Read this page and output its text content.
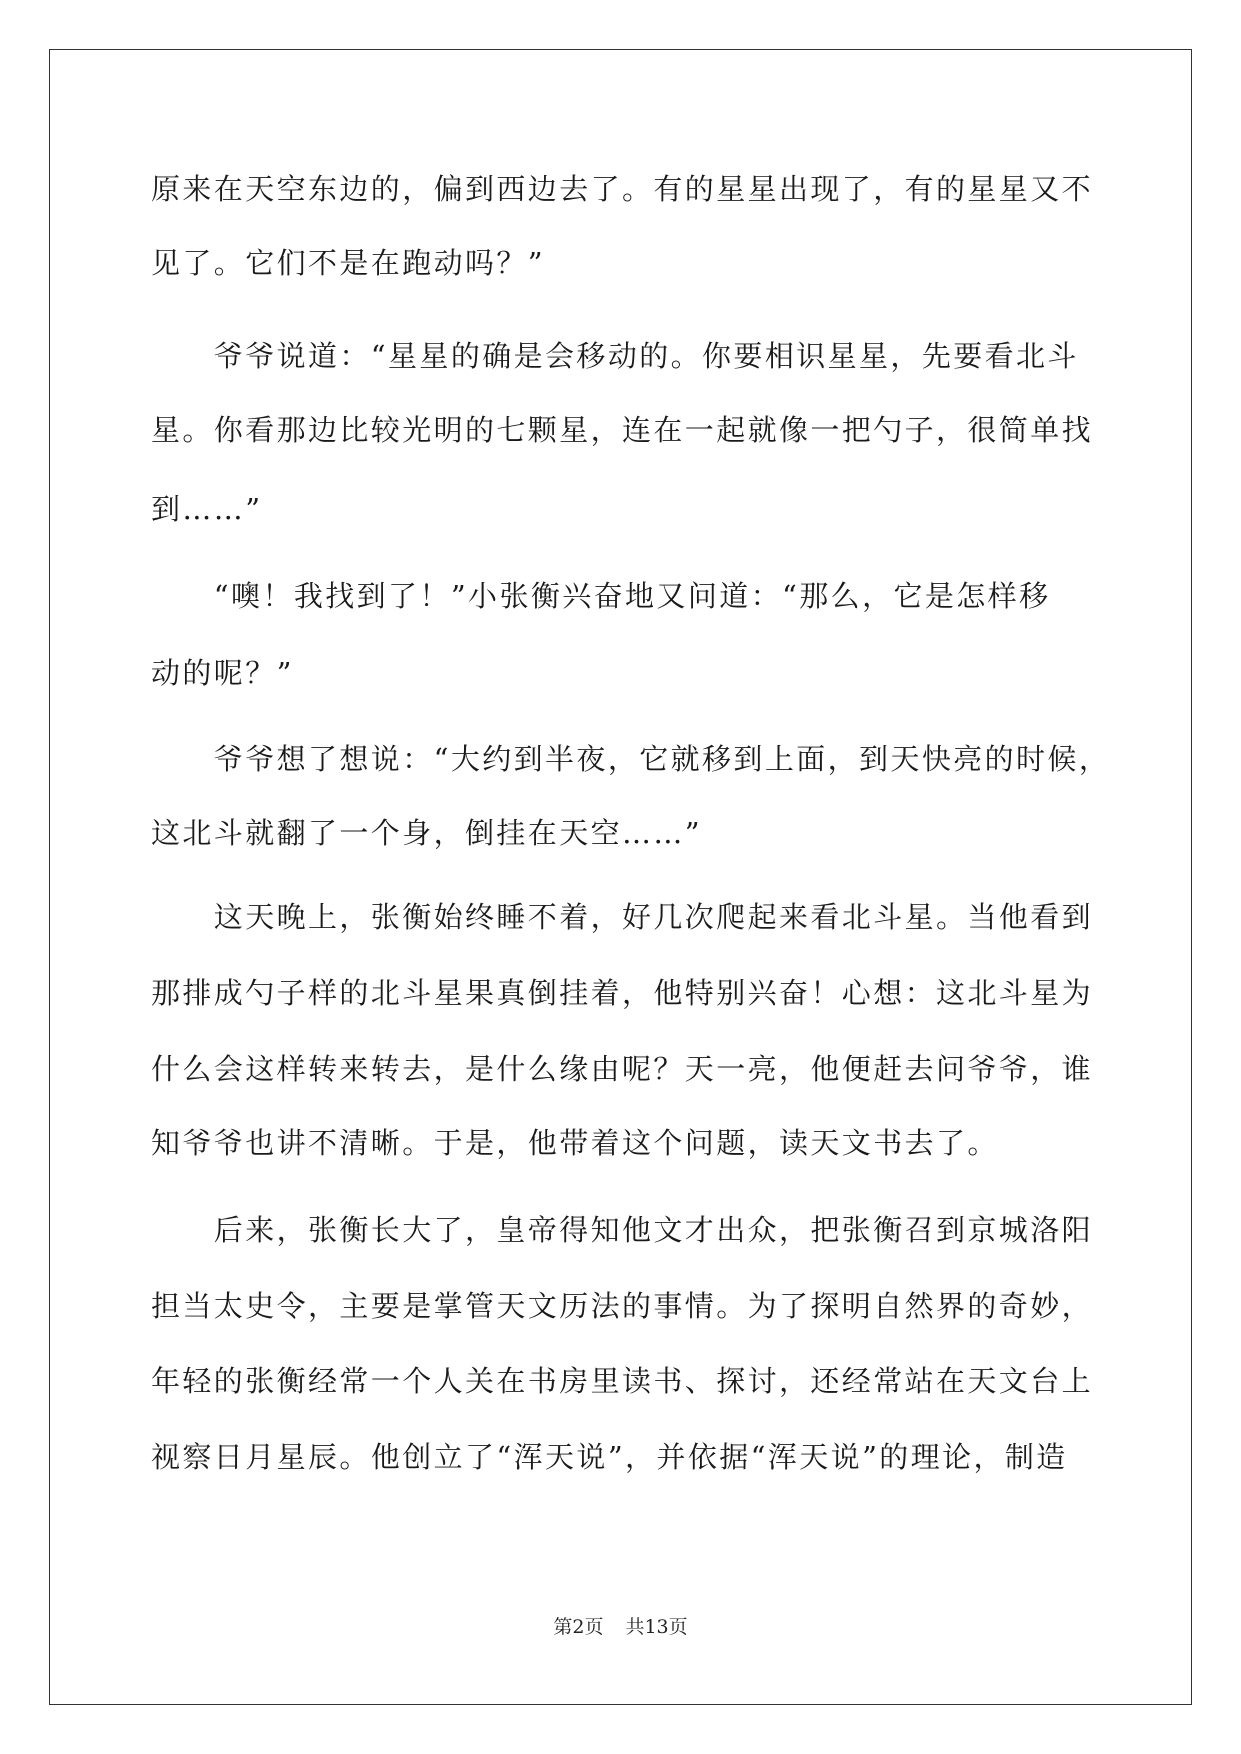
原来在天空东边的，偏到西边去了。有的星星出现了，有的星星又不
见了。它们不是在跑动吗？”
　　爷爷说道：“星星的确是会移动的。你要相识星星，先要看北斗
星。你看那边比较光明的七颗星，连在一起就像一把勺子，很简单找
到……”
　　“噢！我找到了！”小张衡兴奋地又问道：“那么，它是怎样移
动的呢？”
　　爷爷想了想说：“大约到半夜，它就移到上面，到天快亮的时候，
这北斗就翻了一个身，倒挂在天空……”
　　这天晚上，张衡始终睡不着，好几次爬起来看北斗星。当他看到
那排成勺子样的北斗星果真倒挂着，他特别兴奋！心想：这北斗星为
什么会这样转来转去，是什么缘由呢？天一亮，他便赶去问爷爷，谁
知爷爷也讲不清晰。于是，他带着这个问题，读天文书去了。
　　后来，张衡长大了，皇帝得知他文才出众，把张衡召到京城洛阳
担当太史令，主要是掌管天文历法的事情。为了探明自然界的奇妙，
年轻的张衡经常一个人关在书房里读书、探讨，还经常站在天文台上
视察日月星辰。他创立了“浑天说”，并依据“浑天说”的理论，制造
第2页 共13页
